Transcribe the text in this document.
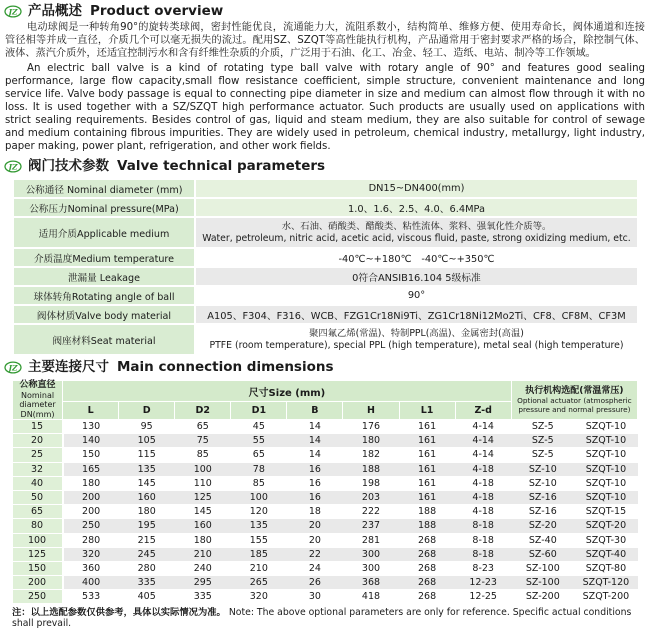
JZ 产品概述 Product overview

电动球阀是一种转角90°的旋转类球阀，密封性能优良，流通能力大，流阻系数小，结构简单、维修方便、使用寿命长，阀体通道和连接管径相等并成一直径，介质几个可以毫无损失的流过。配用SZ、SZQT等高性能执行机构，产品通常用于密封要求严格的场合，除控制气体、液体、蒸汽介质外，还适宜控制污水和含有纤维性杂质的介质，广泛用于石油、化工、冶金、轻工、造纸、电站、制冷等工作领域。

An electric ball valve is a kind of rotating type ball valve with rotary angle of 90° and features good sealing performance, large flow capacity,small flow resistance coefficient, simple structure, convenient maintenance and long service life. Valve body passage is equal to connecting pipe diameter in size and medium can almost flow through it with no loss. It is used together with a SZ/SZQT high performance actuator. Such products are usually used on applications with strict sealing requirements. Besides control of gas, liquid and steam medium, they are also suitable for control of sewage and medium containing fibrous impurities. They are widely used in petroleum, chemical industry, metallurgy, light industry, paper making, power plant, refrigeration, and other work fields.

JZ 阀门技术参数 Valve technical parameters
公称通径 Nominal diameter (mm)	DN15~DN400(mm)

公称压力Nominal pressure(MPa)	1.0、1.6、2.5、4.0、6.4MPa

适用介质Applicable medium	水、石油、硝酸类、醋酸类、粘性流体、浆料、强氧化性介质等。
Water, petroleum, nitric acid, acetic acid, viscous fluid, paste, strong oxidizing medium, etc.

介质温度Medium temperature	-40℃~+180℃　-40℃~+350℃

泄漏量 Leakage	0符合ANSIB16.104 5级标准

球体转角Rotating angle of ball	90°

阀体材质Valve body material	A105、F304、F316、WCB、FZG1Cr18Ni9Ti、ZG1Cr18Ni12Mo2Ti、CF8、CF8M、CF3M

阀座材料Seat material	聚四氟乙烯(常温)、特制PPL(高温)、金属密封(高温)
PTFE (room temperature), special PPL (high temperature), metal seal (high temperature)
JZ 主要连接尺寸 Main connection dimensions
公称直径
Nominal diameter
DN(mm)
	尺寸Size (mm)	执行机构选配(常温常压)
Optional actuator (atmospheric
pressure and normal pressure)

	L	D	D2	D1	B	H	L1	Z-d		
15	130	95	65	45	14	176	161	4-14	SZ-5	SZQT-10
20	140	105	75	55	14	180	161	4-14	SZ-5	SZQT-10
25	150	115	85	65	14	182	161	4-14	SZ-5	SZQT-10
32	165	135	100	78	16	188	161	4-18	SZ-10	SZQT-10
40	180	145	110	85	16	198	161	4-18	SZ-10	SZQT-10
50	200	160	125	100	16	203	161	4-18	SZ-16	SZQT-10
65	200	180	145	120	18	222	188	4-18	SZ-16	SZQT-15
80	250	195	160	135	20	237	188	8-18	SZ-20	SZQT-20
100	280	215	180	155	20	281	268	8-18	SZ-40	SZQT-30
125	320	245	210	185	22	300	268	8-18	SZ-60	SZQT-40
150	360	280	240	210	24	300	268	8-23	SZ-100	SZQT-80
200	400	335	295	265	26	368	268	12-23	SZ-100	SZQT-120
250	533	405	335	320	30	418	268	12-25	SZ-200	SZQT-200

注：以上选配参数仅供参考，具体以实际情况为准。 Note: The above optional parameters are only for reference. Specific actual conditions shall prevail.
